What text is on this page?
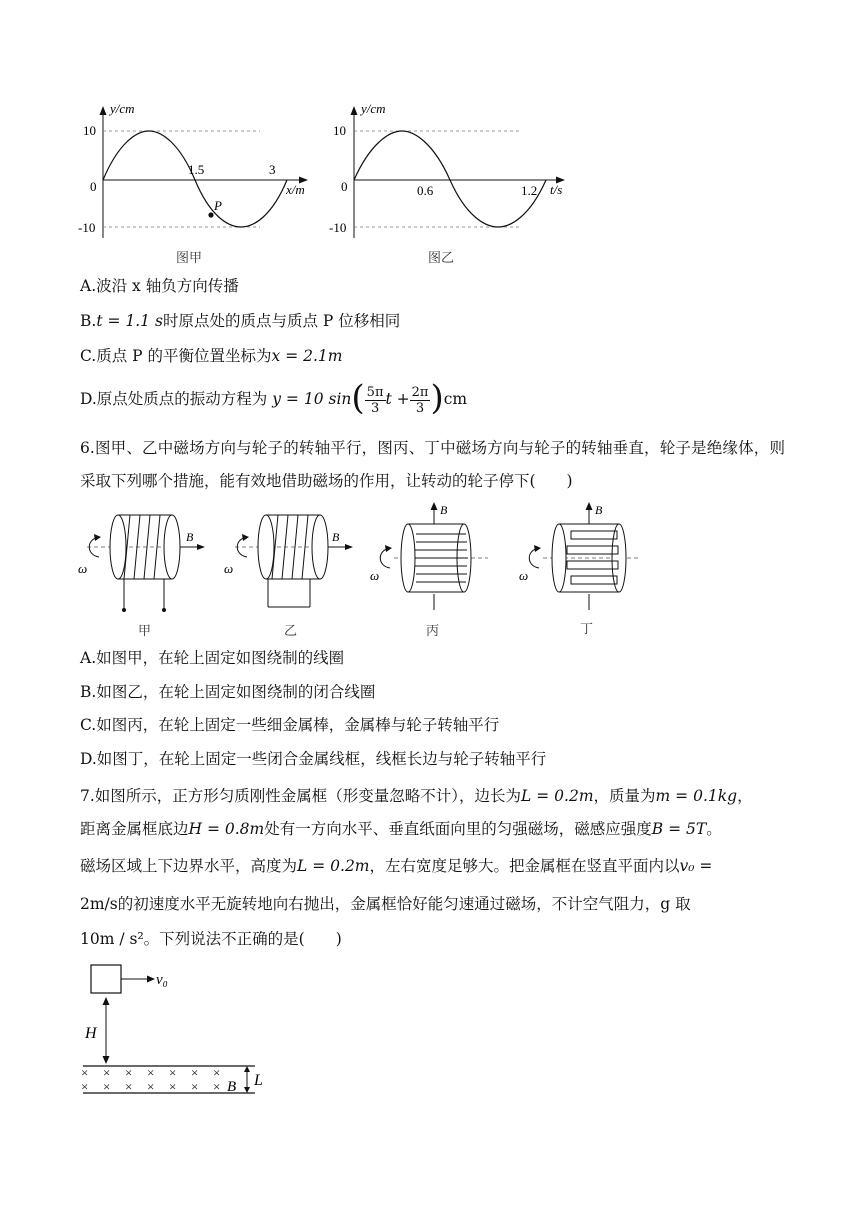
y/cm
10
-10
0
1.5	3
x/m
P
图甲
y/cm
10
-10
0	0.6	1.2 t/s
图乙
A.波沿 x 轴负方向传播
B.t = 1.1 s时原点处的质点与质点 P 位移相同
C.质点 P 的平衡位置坐标为x = 2.1m
D.原点处质点的振动方程为 y = 10 $\sin( \frac{5\pi}{3}$ $t + \frac{2\pi}{3} )cm$
6.图甲、乙中磁场方向与轮子的转轴平行，图丙、丁中磁场方向与轮子的转轴垂直，轮子是绝缘体，则采取下列哪个措施，能有效地借助磁场的作用，让转动的轮子停下(　　)
ω
B
ω
B
ω
B
ω
B
甲	乙	丙	丁
A.如图甲，在轮上固定如图绕制的线圈
B.如图乙，在轮上固定如图绕制的闭合线圈
C.如图丙，在轮上固定一些细金属棒，金属棒与轮子转轴平行
D.如图丁，在轮上固定一些闭合金属线框，线框长边与轮子转轴平行
7.如图所示，正方形匀质刚性金属框（形变量忽略不计），边长为L = 0.2m，质量为m = 0.1kg，
距离金属框底边H = 0.8m处有一方向水平、垂直纸面向里的匀强磁场，磁感应强度B = 5T。
磁场区域上下边界水平，高度为L = 0.2m，左右宽度足够大。把金属框在竖直平面内以v₀ =
2m/s的初速度水平无旋转地向右抛出，金属框恰好能匀速通过磁场，不计空气阻力，g 取
10m / s²。下列说法不正确的是(　　)
v₀
H
× × × × × × ×
× × × × × × × B L
